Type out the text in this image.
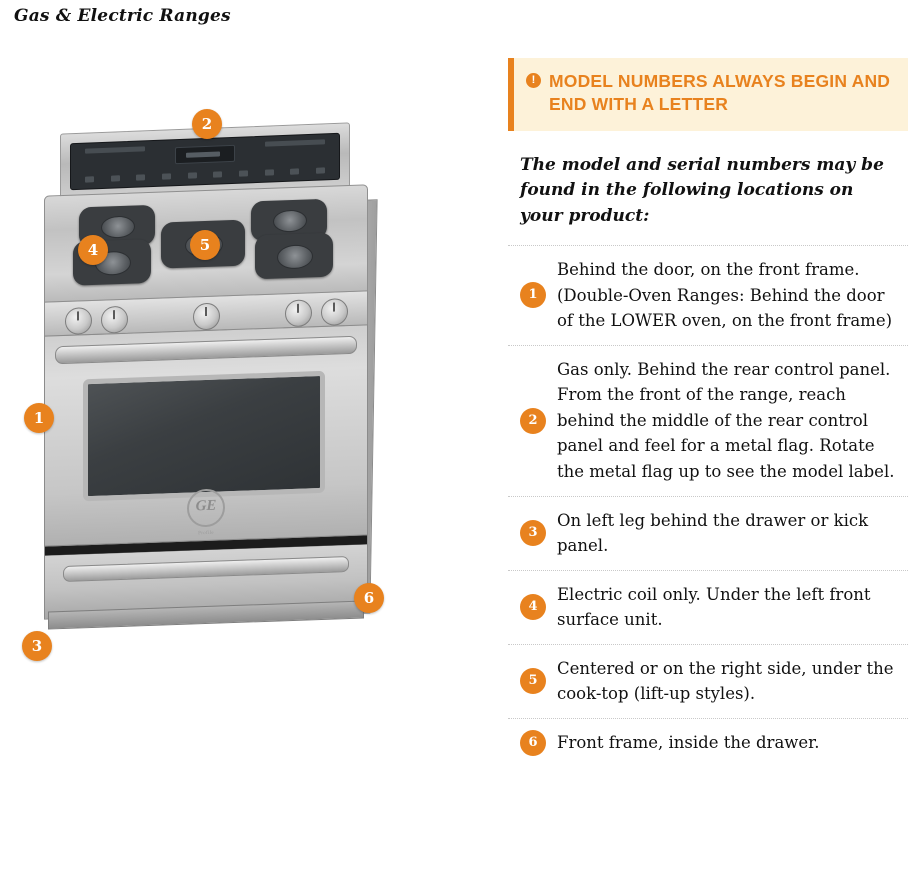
Gas & Electric Ranges
GE
Profile
1
2
3
4	5
6
! MODEL NUMBERS ALWAYS BEGIN AND END WITH A LETTER
The model and serial numbers may be found in the following locations on your product:
1
Behind the door, on the front frame. (Double-Oven Ranges: Behind the door of the LOWER oven, on the front frame)
2
Gas only. Behind the rear control panel. From the front of the range, reach behind the middle of the rear control panel and feel for a metal flag. Rotate the metal flag up to see the model label.
3
On left leg behind the drawer or kick panel.
4
Electric coil only. Under the left front surface unit.
5
Centered or on the right side, under the cook-top (lift-up styles).
6	Front frame, inside the drawer.
